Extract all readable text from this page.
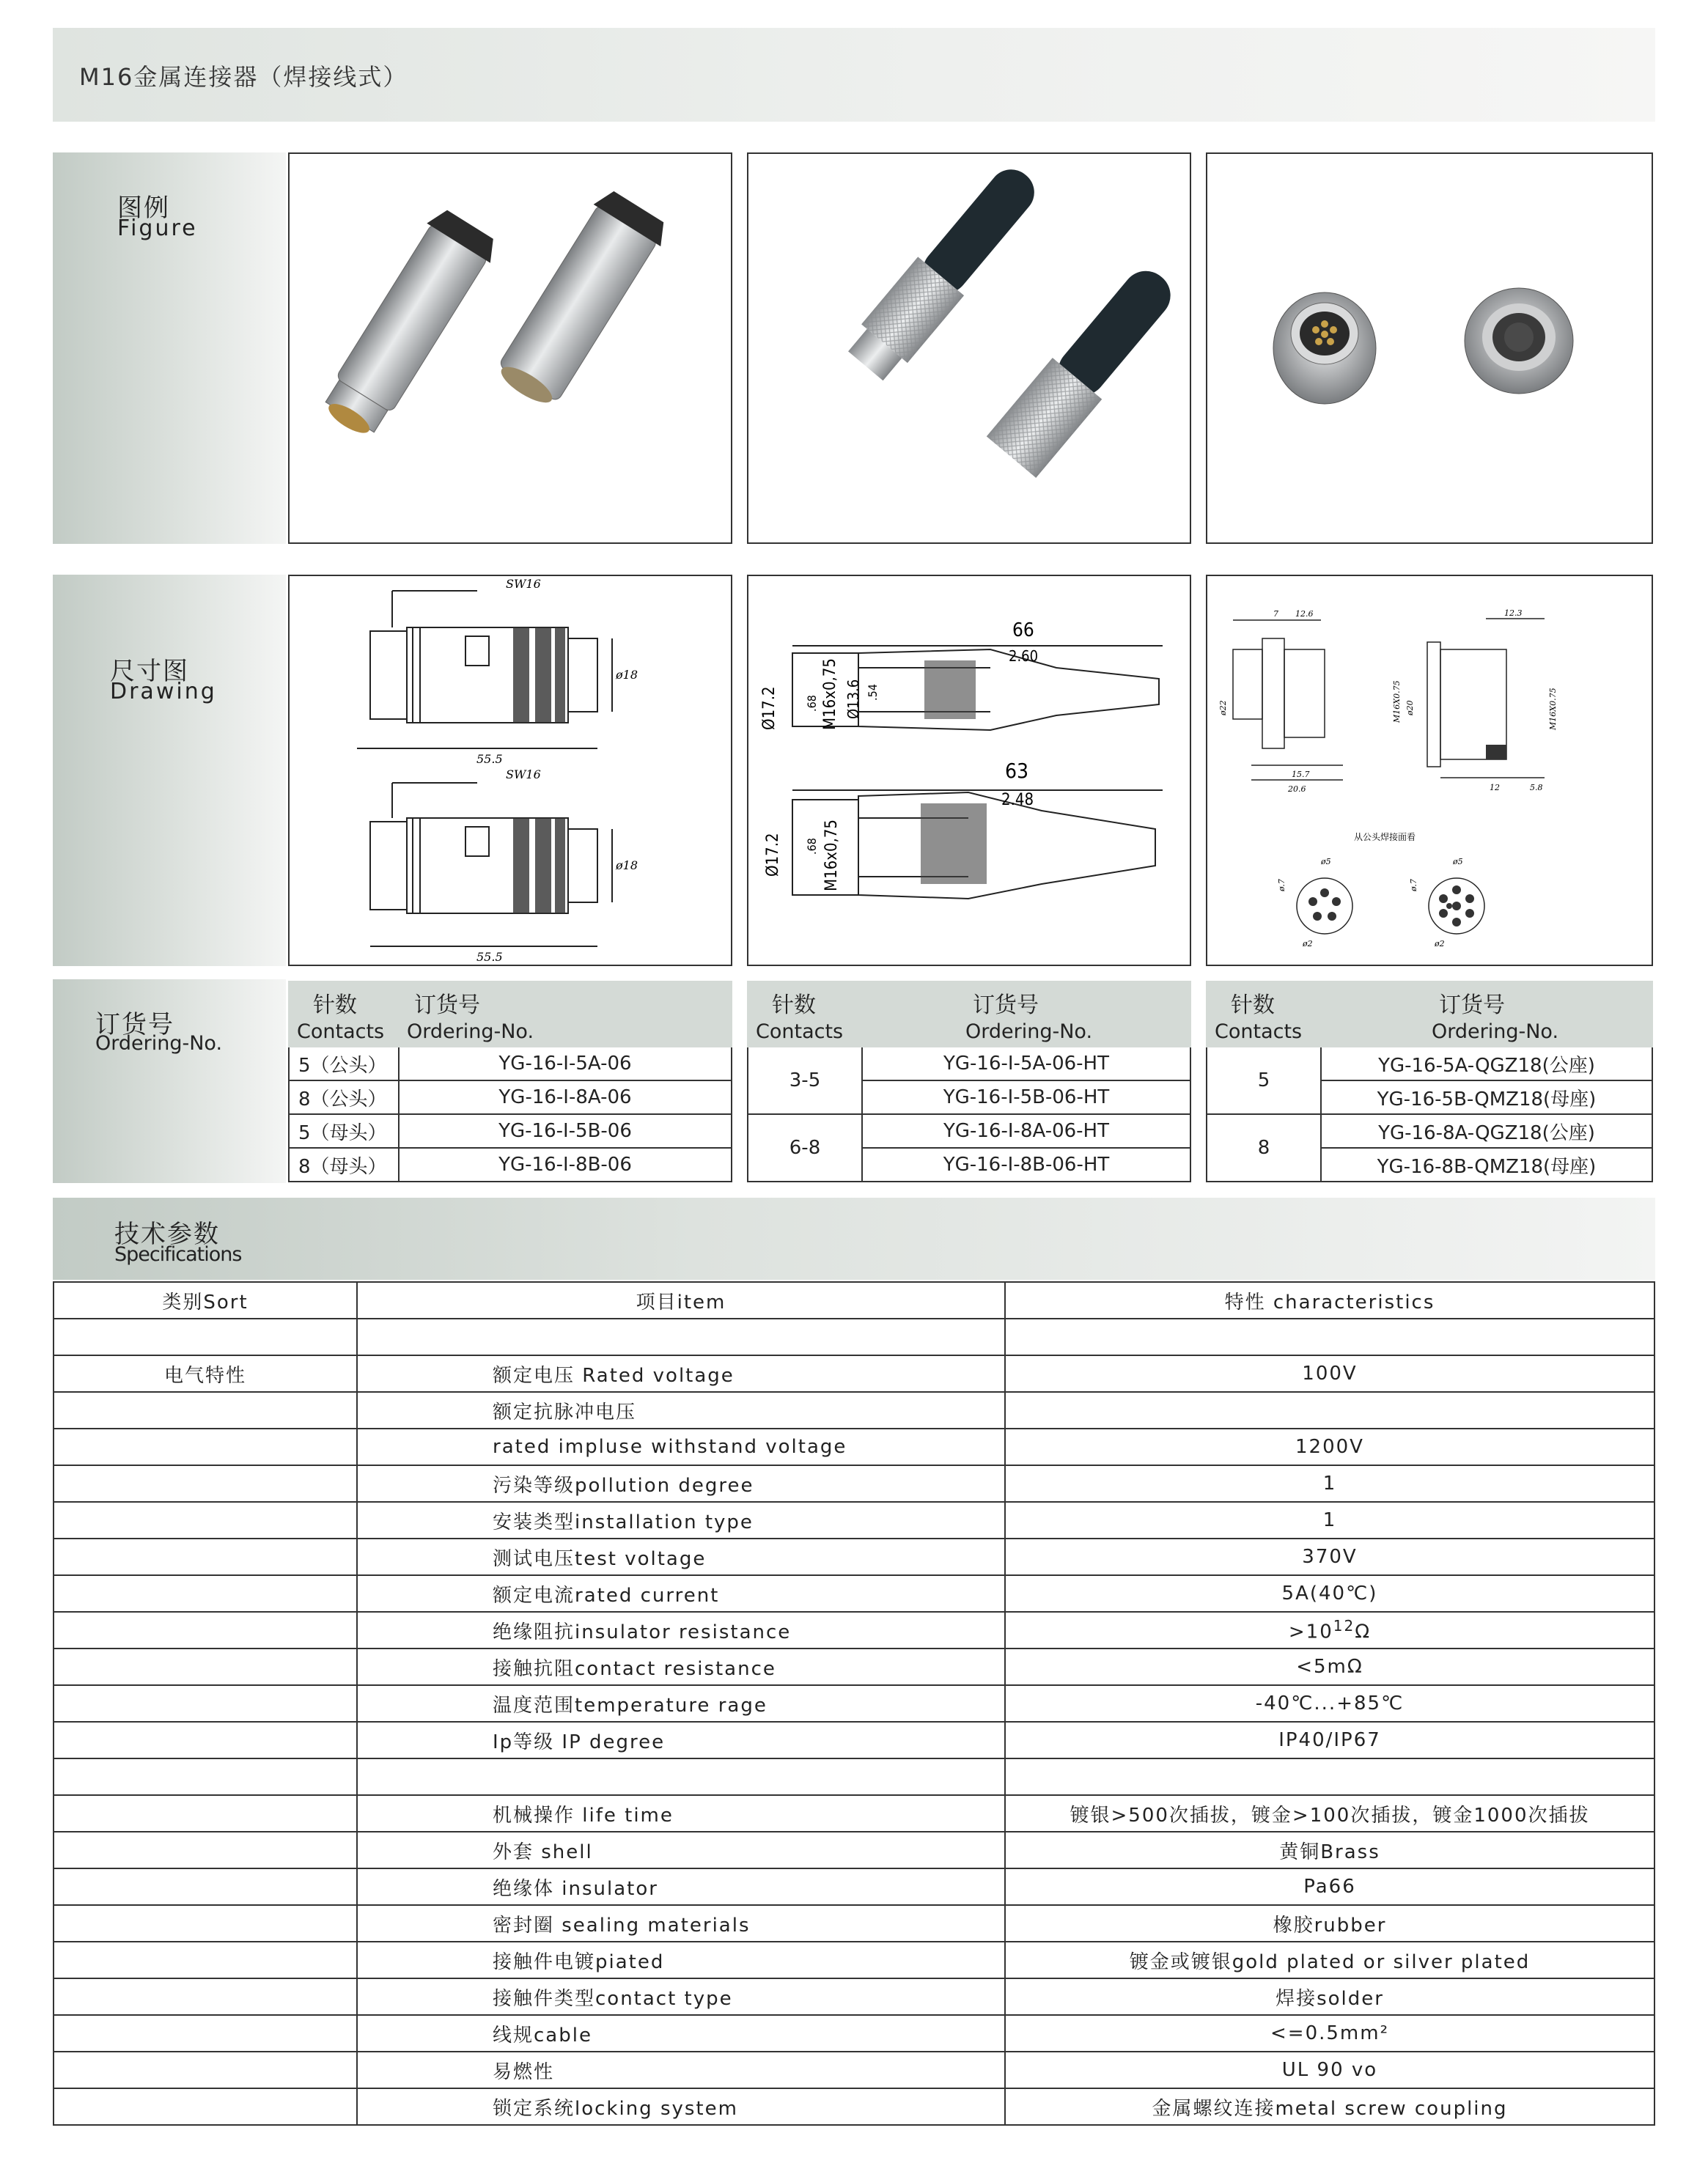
M16金属连接器（焊接线式）
图例
Figure
尺寸图
Drawing
SW16
SW16
ø18
ø18
55.5
55.5
66
2.60
Ø17.2 .68 M16x0,75 Ø13.6 .54
63
2.48
Ø17.2 .68 M16x0,75
7 12.6
15.7
20.6
12.3
12	5.8
ø22	ø20
M16X0.75	M16X0.75
从公头焊接面看
ø5	ø5
ø.7	ø.7
ø2	ø2
订货号
Ordering-No.
针数
Contacts	订货号
Ordering-No.

5（公头）	YG-16-I-5A-06
8（公头）	YG-16-I-8A-06
5（母头）	YG-16-I-5B-06
8（母头）	YG-16-I-8B-06
针数
Contacts	订货号
Ordering-No.

3-5	YG-16-I-5A-06-HT
	YG-16-I-5B-06-HT
6-8	YG-16-I-8A-06-HT
	YG-16-I-8B-06-HT
针数
Contacts	订货号
Ordering-No.

5	YG-16-5A-QGZ18(公座)
	YG-16-5B-QMZ18(母座)
8	YG-16-8A-QGZ18(公座)
	YG-16-8B-QMZ18(母座)
技术参数
Specifications
类别Sort	项目item	特性 characteristics

电气特性	额定电压 Rated voltage	100V
	额定抗脉冲电压	
	rated impluse withstand voltage	1200V
	污染等级pollution degree	1
	安装类型installation type	1
	测试电压test voltage	370V
	额定电流rated current	5A(40℃)
	绝缘阻抗insulator resistance	$>10^{12}\Omega$
	接触抗阻contact resistance	<5mΩ
	温度范围temperature rage	-40℃...+85℃
	Ip等级 IP degree	IP40/IP67

	机械操作 life time	镀银>500次插拔，镀金>100次插拔，镀金1000次插拔
	外套 shell	黄铜Brass
	绝缘体 insulator	Pa66
	密封圈 sealing materials	橡胶rubber
	接触件电镀piated	镀金或镀银gold plated or silver plated
	接触件类型contact type	焊接solder
	线规cable	<=0.5mm²
	易燃性	UL 90 vo
	锁定系统locking system	金属螺纹连接metal screw coupling
